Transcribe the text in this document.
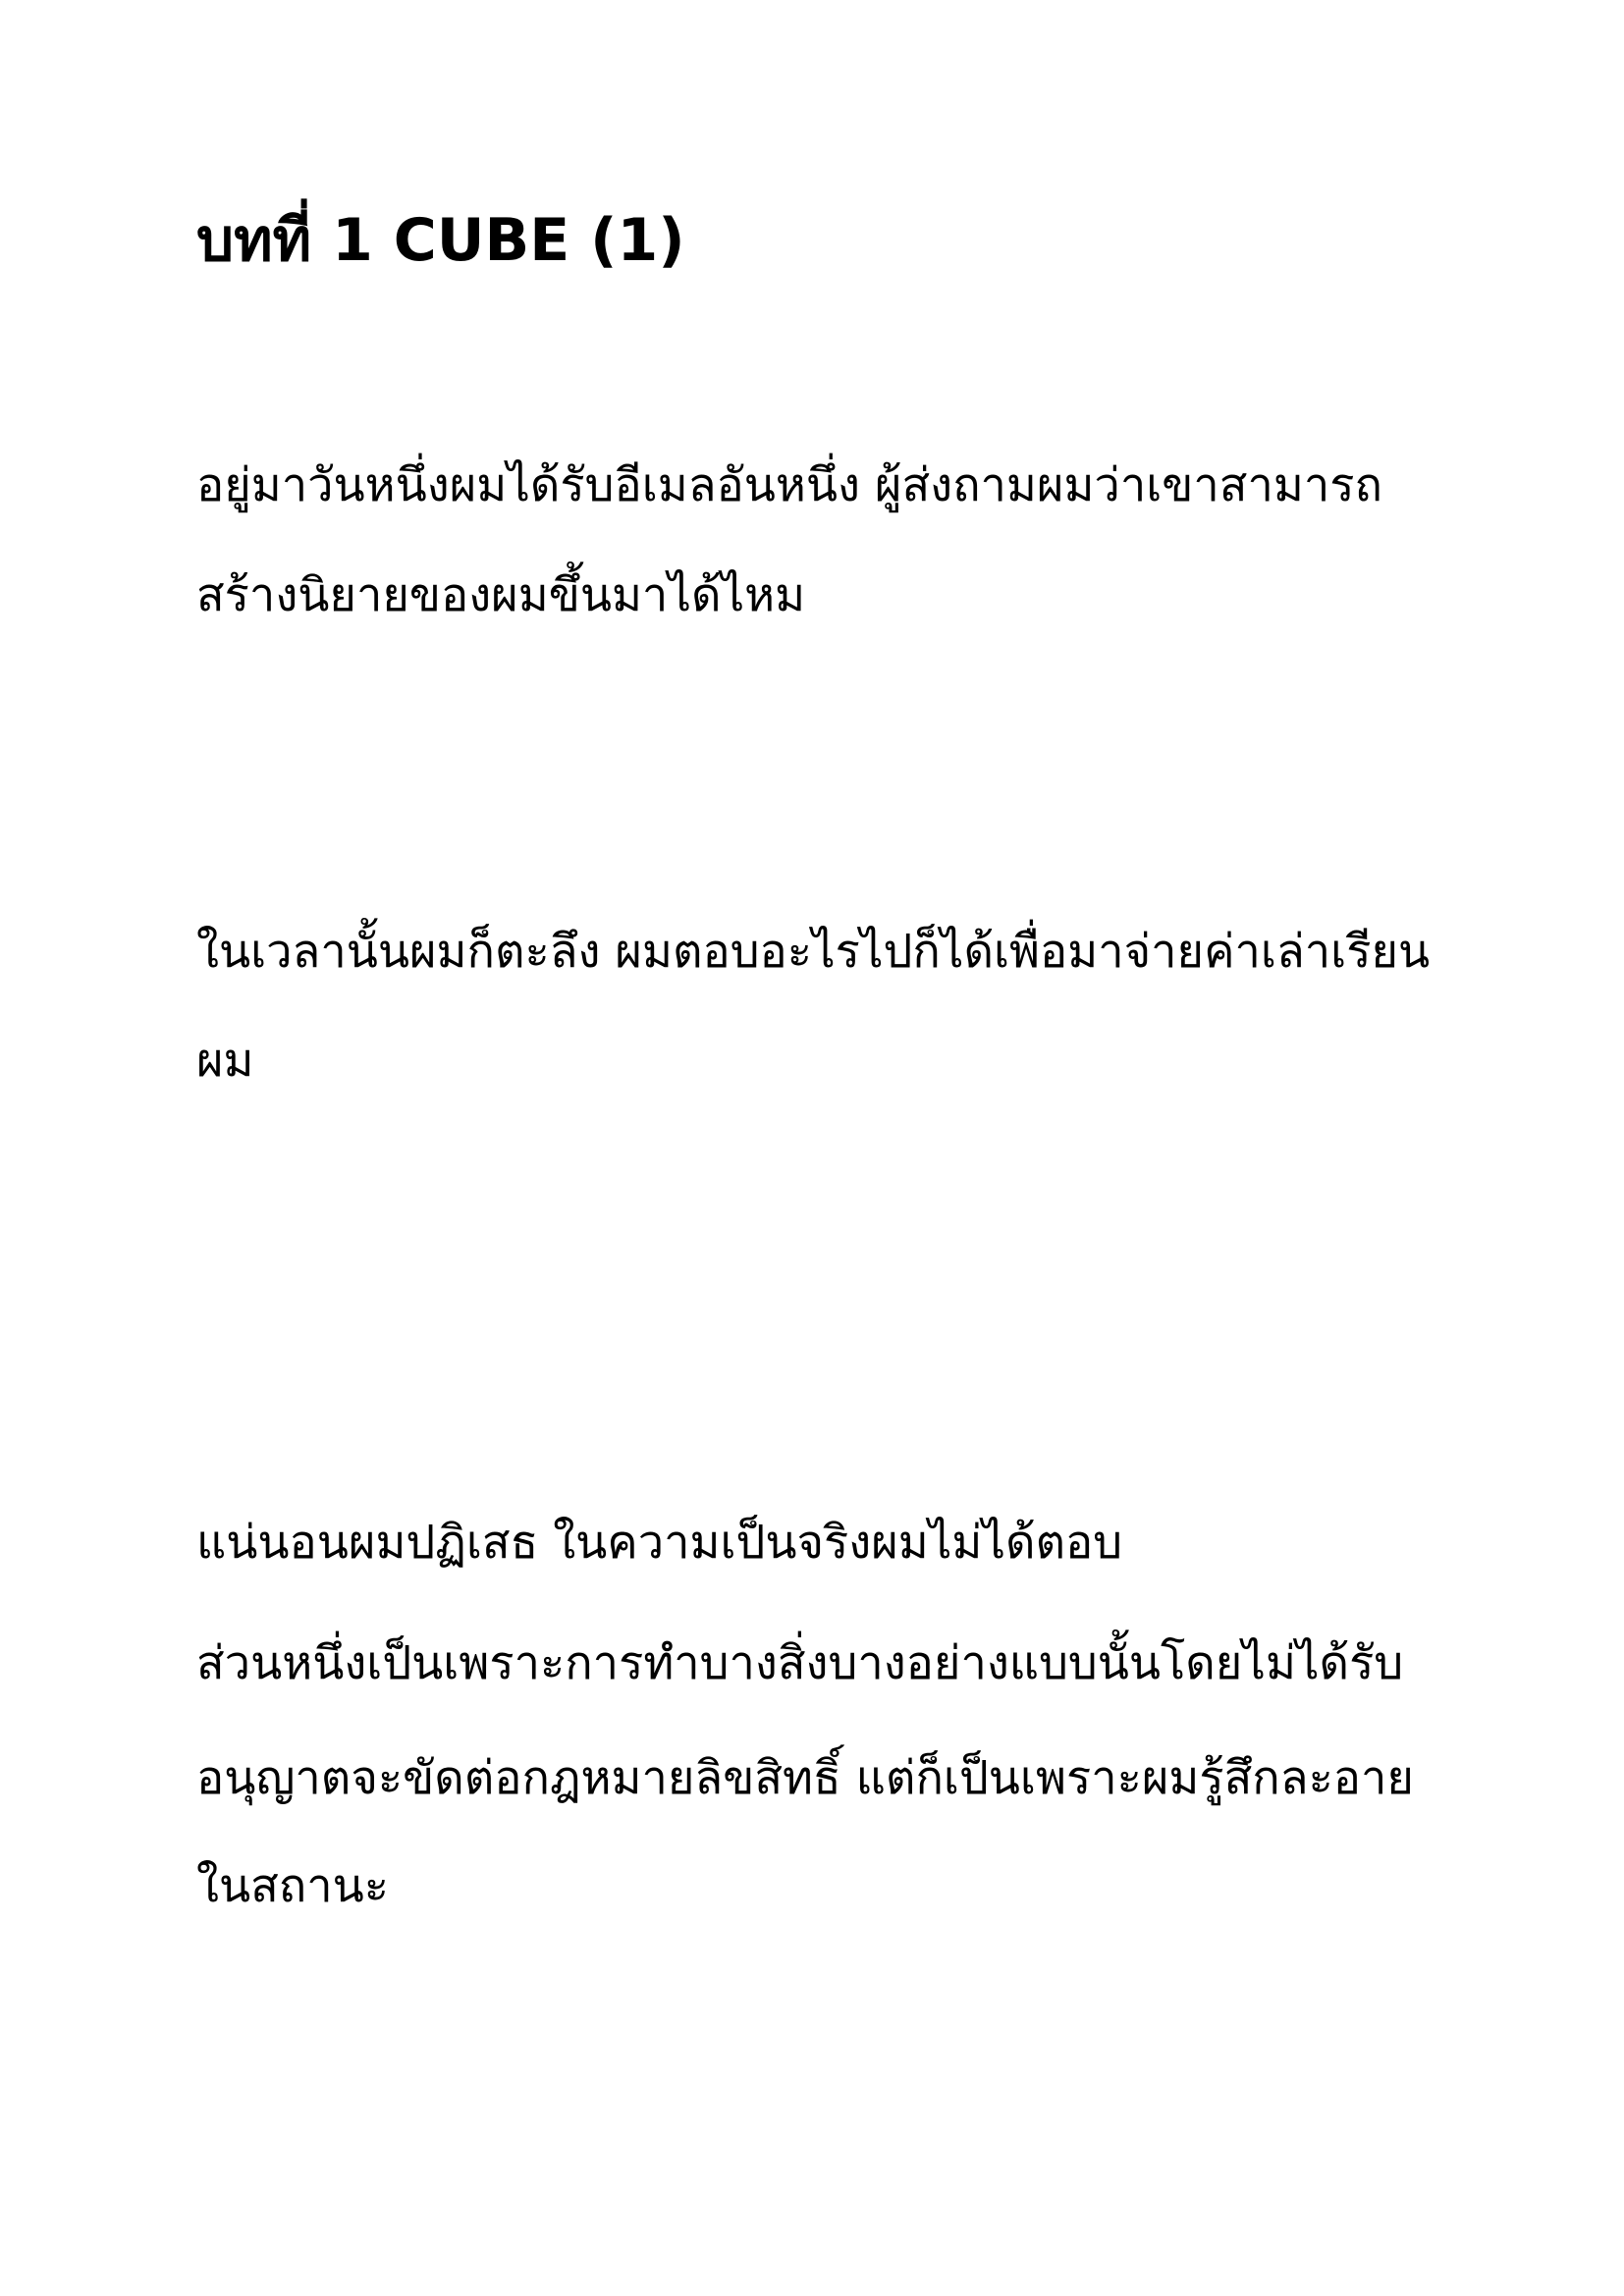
บทที่ 1 CUBE (1)

อยู่มาวันหนึ่งผมได้รับอีเมลอันหนึ่ง ผู้ส่งถามผมว่าเขาสามารถ

สร้างนิยายของผมขึ้นมาได้ไหม

ในเวลานั้นผมก็ตะลึง ผมตอบอะไรไปก็ได้เพื่อมาจ่ายค่าเล่าเรียน

ผม

แน่นอนผมปฏิเสธ ในความเป็นจริงผมไม่ได้ตอบ

ส่วนหนึ่งเป็นเพราะการทำบางสิ่งบางอย่างแบบนั้นโดยไม่ได้รับ

อนุญาตจะขัดต่อกฎหมายลิขสิทธิ์ แต่ก็เป็นเพราะผมรู้สึกละอาย

ในสถานะ
